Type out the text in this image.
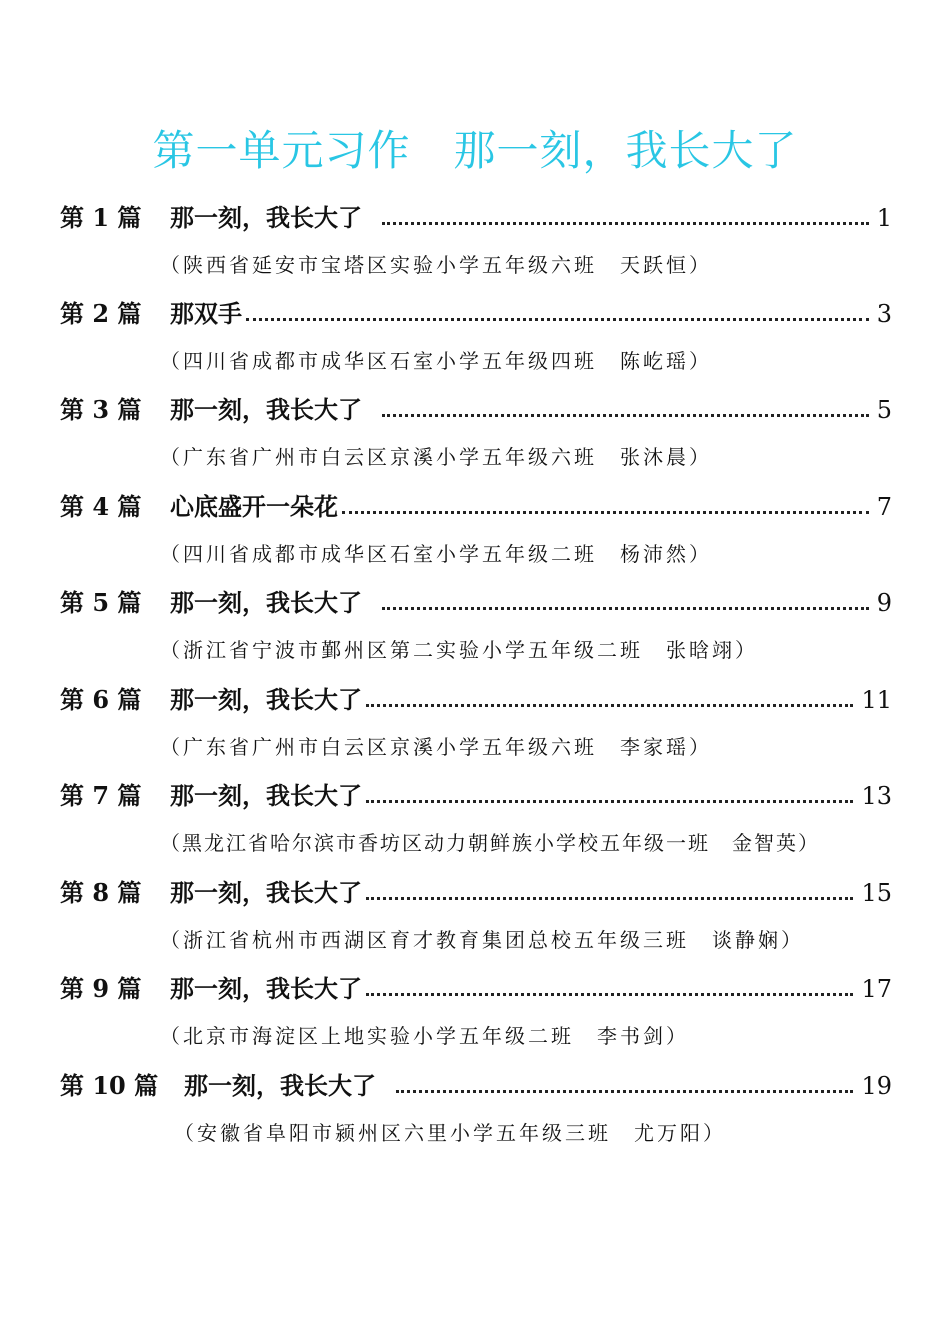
第一单元习作　那一刻，我长大了
第 1 篇	那一刻，我长大了	1
（陕西省延安市宝塔区实验小学五年级六班　天跃恒）
第 2 篇	那双手	3
（四川省成都市成华区石室小学五年级四班　陈屹瑶）
第 3 篇	那一刻，我长大了	5
（广东省广州市白云区京溪小学五年级六班　张沐晨）
第 4 篇	心底盛开一朵花	7
（四川省成都市成华区石室小学五年级二班　杨沛然）
第 5 篇	那一刻，我长大了	9
（浙江省宁波市鄞州区第二实验小学五年级二班　张晗翊）
第 6 篇	那一刻，我长大了	11
（广东省广州市白云区京溪小学五年级六班　李家瑶）
第 7 篇	那一刻，我长大了	13
（黑龙江省哈尔滨市香坊区动力朝鲜族小学校五年级一班　金智英）
第 8 篇	那一刻，我长大了	15
（浙江省杭州市西湖区育才教育集团总校五年级三班　谈静娴）
第 9 篇	那一刻，我长大了	17
（北京市海淀区上地实验小学五年级二班　李书剑）
第 10 篇	那一刻，我长大了	19
（安徽省阜阳市颍州区六里小学五年级三班　尤万阳）
